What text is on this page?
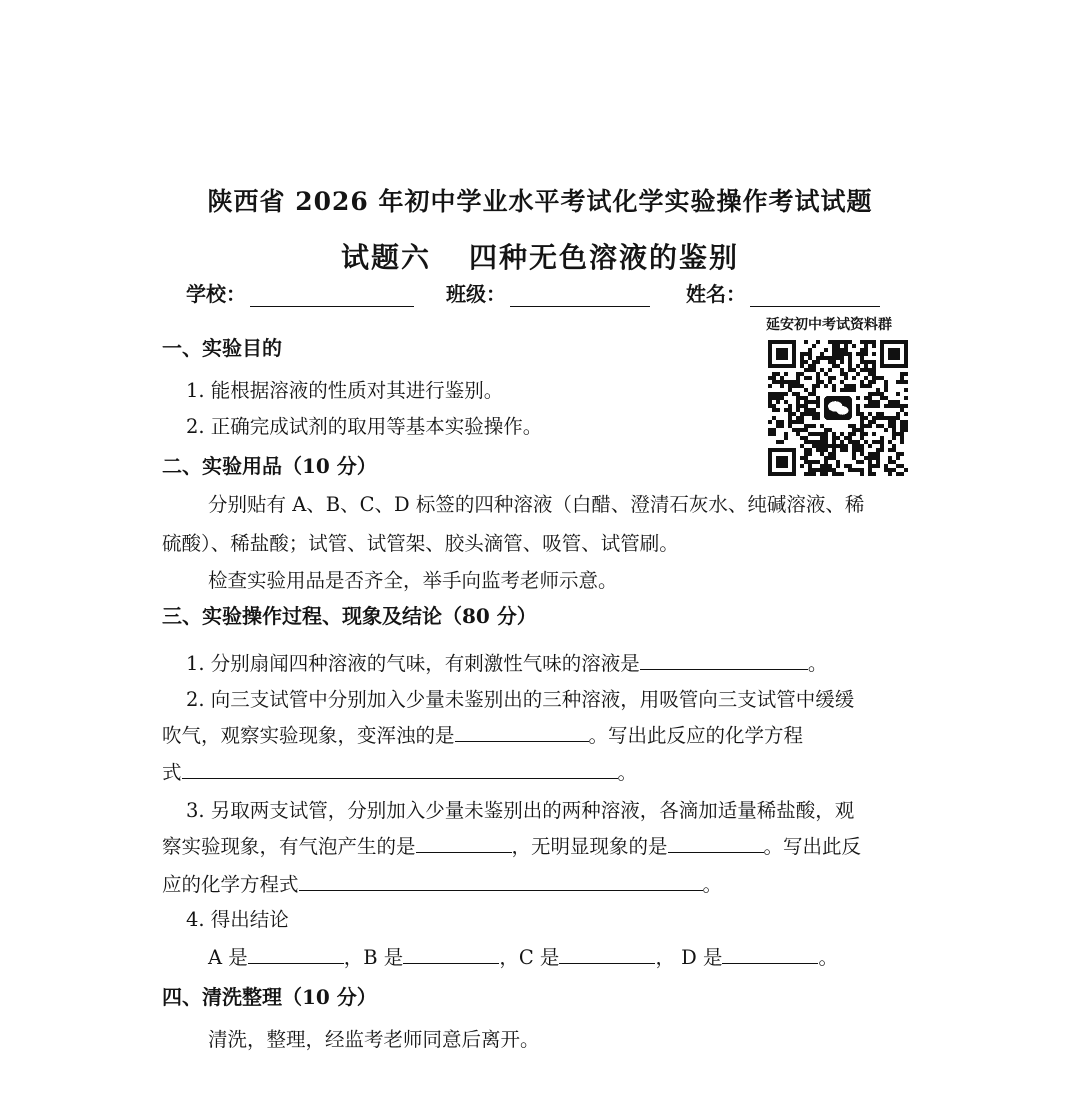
陕西省 2026 年初中学业水平考试化学实验操作考试试题
试题六 四种无色溶液的鉴别
学校：	班级：	姓名：
延安初中考试资料群
一、实验目的
1. 能根据溶液的性质对其进行鉴别。
2. 正确完成试剂的取用等基本实验操作。
二、实验用品（10 分）
分别贴有 A、B、C、D 标签的四种溶液（白醋、澄清石灰水、纯碱溶液、稀
硫酸）、稀盐酸；试管、试管架、胶头滴管、吸管、试管刷。
检查实验用品是否齐全，举手向监考老师示意。
三、实验操作过程、现象及结论（80 分）
1. 分别扇闻四种溶液的气味，有刺激性气味的溶液是	。
2. 向三支试管中分别加入少量未鉴别出的三种溶液，用吸管向三支试管中缓缓
吹气，观察实验现象，变浑浊的是	。写出此反应的化学方程
式	。
3. 另取两支试管，分别加入少量未鉴别出的两种溶液，各滴加适量稀盐酸，观
察实验现象，有气泡产生的是	，无明显现象的是	。写出此反
应的化学方程式	。
4. 得出结论
A 是	，B 是	，C 是	， D 是	。
四、清洗整理（10 分）
清洗，整理，经监考老师同意后离开。
